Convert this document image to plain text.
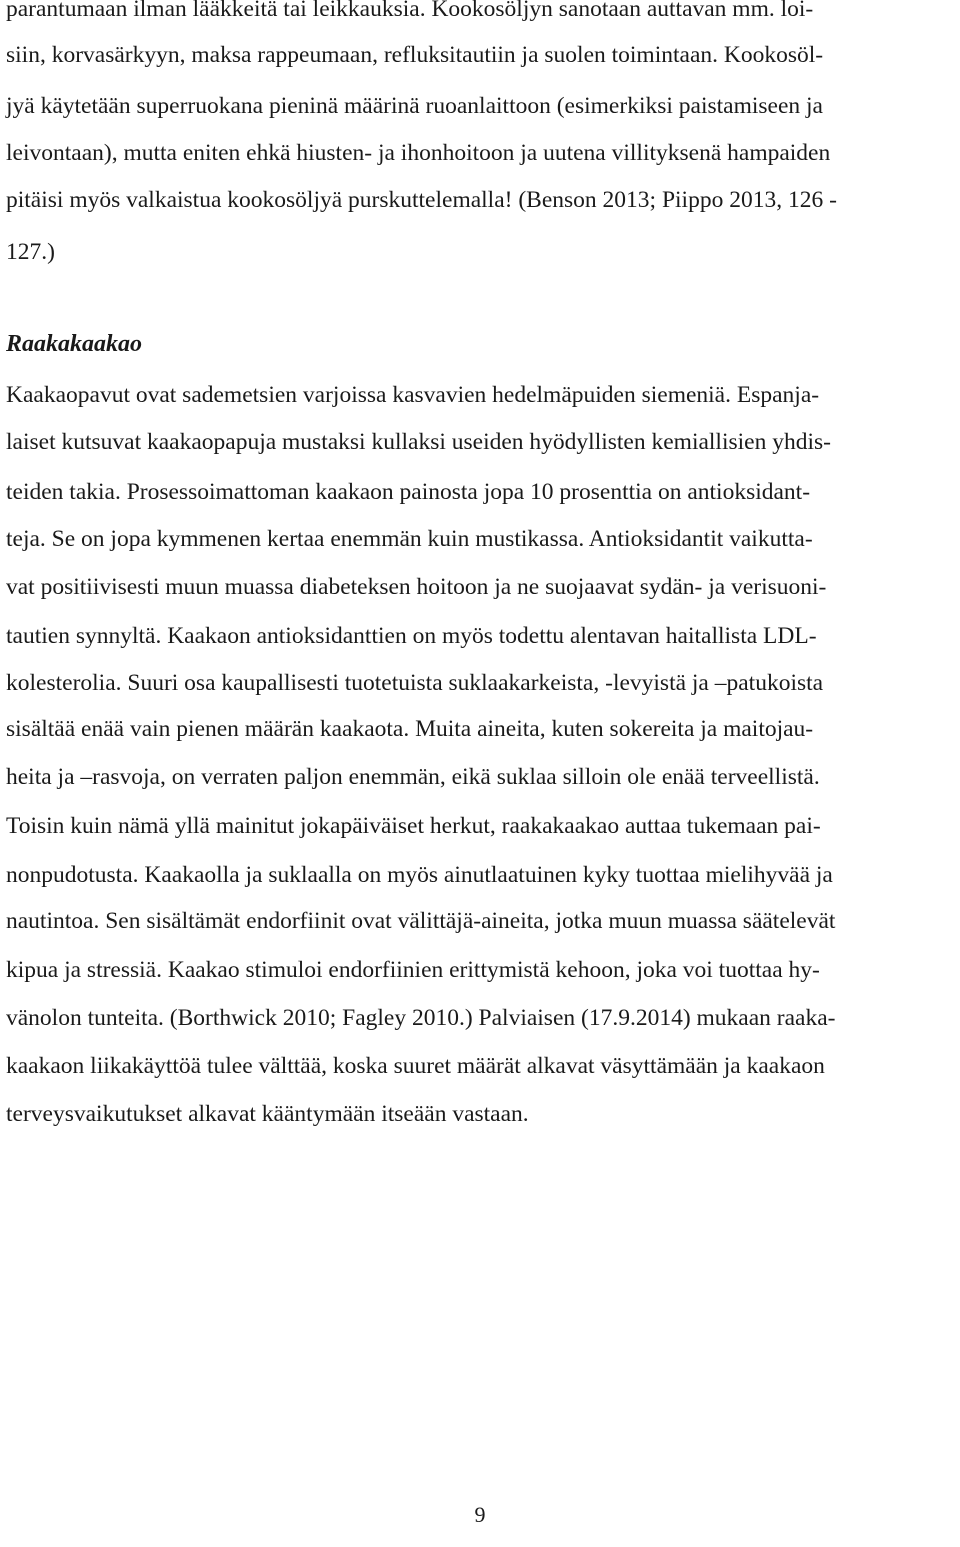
parantumaan ilman lääkkeitä tai leikkauksia. Kookosöljyn sanotaan auttavan mm. loi-

siin, korvasärkyyn, maksa rappeumaan, refluksitautiin ja suolen toimintaan. Kookosöl-

jyä käytetään superruokana pieninä määrinä ruoanlaittoon (esimerkiksi paistamiseen ja

leivontaan), mutta eniten ehkä hiusten- ja ihonhoitoon ja uutena villityksenä hampaiden

pitäisi myös valkaistua kookosöljyä purskuttelemalla! (Benson 2013; Piippo 2013, 126 -

127.)

Raakakaakao

Kaakaopavut ovat sademetsien varjoissa kasvavien hedelmäpuiden siemeniä. Espanja-

laiset kutsuvat kaakaopapuja mustaksi kullaksi useiden hyödyllisten kemiallisien yhdis-

teiden takia. Prosessoimattoman kaakaon painosta jopa 10 prosenttia on antioksidant-

teja. Se on jopa kymmenen kertaa enemmän kuin mustikassa. Antioksidantit vaikutta-

vat positiivisesti muun muassa diabeteksen hoitoon ja ne suojaavat sydän- ja verisuoni-

tautien synnyltä. Kaakaon antioksidanttien on myös todettu alentavan haitallista LDL-

kolesterolia. Suuri osa kaupallisesti tuotetuista suklaakarkeista, -levyistä ja –patukoista

sisältää enää vain pienen määrän kaakaota. Muita aineita, kuten sokereita ja maitojau-

heita ja –rasvoja, on verraten paljon enemmän, eikä suklaa silloin ole enää terveellistä.

Toisin kuin nämä yllä mainitut jokapäiväiset herkut, raakakaakao auttaa tukemaan pai-

nonpudotusta. Kaakaolla ja suklaalla on myös ainutlaatuinen kyky tuottaa mielihyvää ja

nautintoa. Sen sisältämät endorfiinit ovat välittäjä-aineita, jotka muun muassa säätelevät

kipua ja stressiä. Kaakao stimuloi endorfiinien erittymistä kehoon, joka voi tuottaa hy-

vänolon tunteita. (Borthwick 2010; Fagley 2010.) Palviaisen (17.9.2014) mukaan raaka-

kaakaon liikakäyttöä tulee välttää, koska suuret määrät alkavat väsyttämään ja kaakaon

terveysvaikutukset alkavat kääntymään itseään vastaan.

9
